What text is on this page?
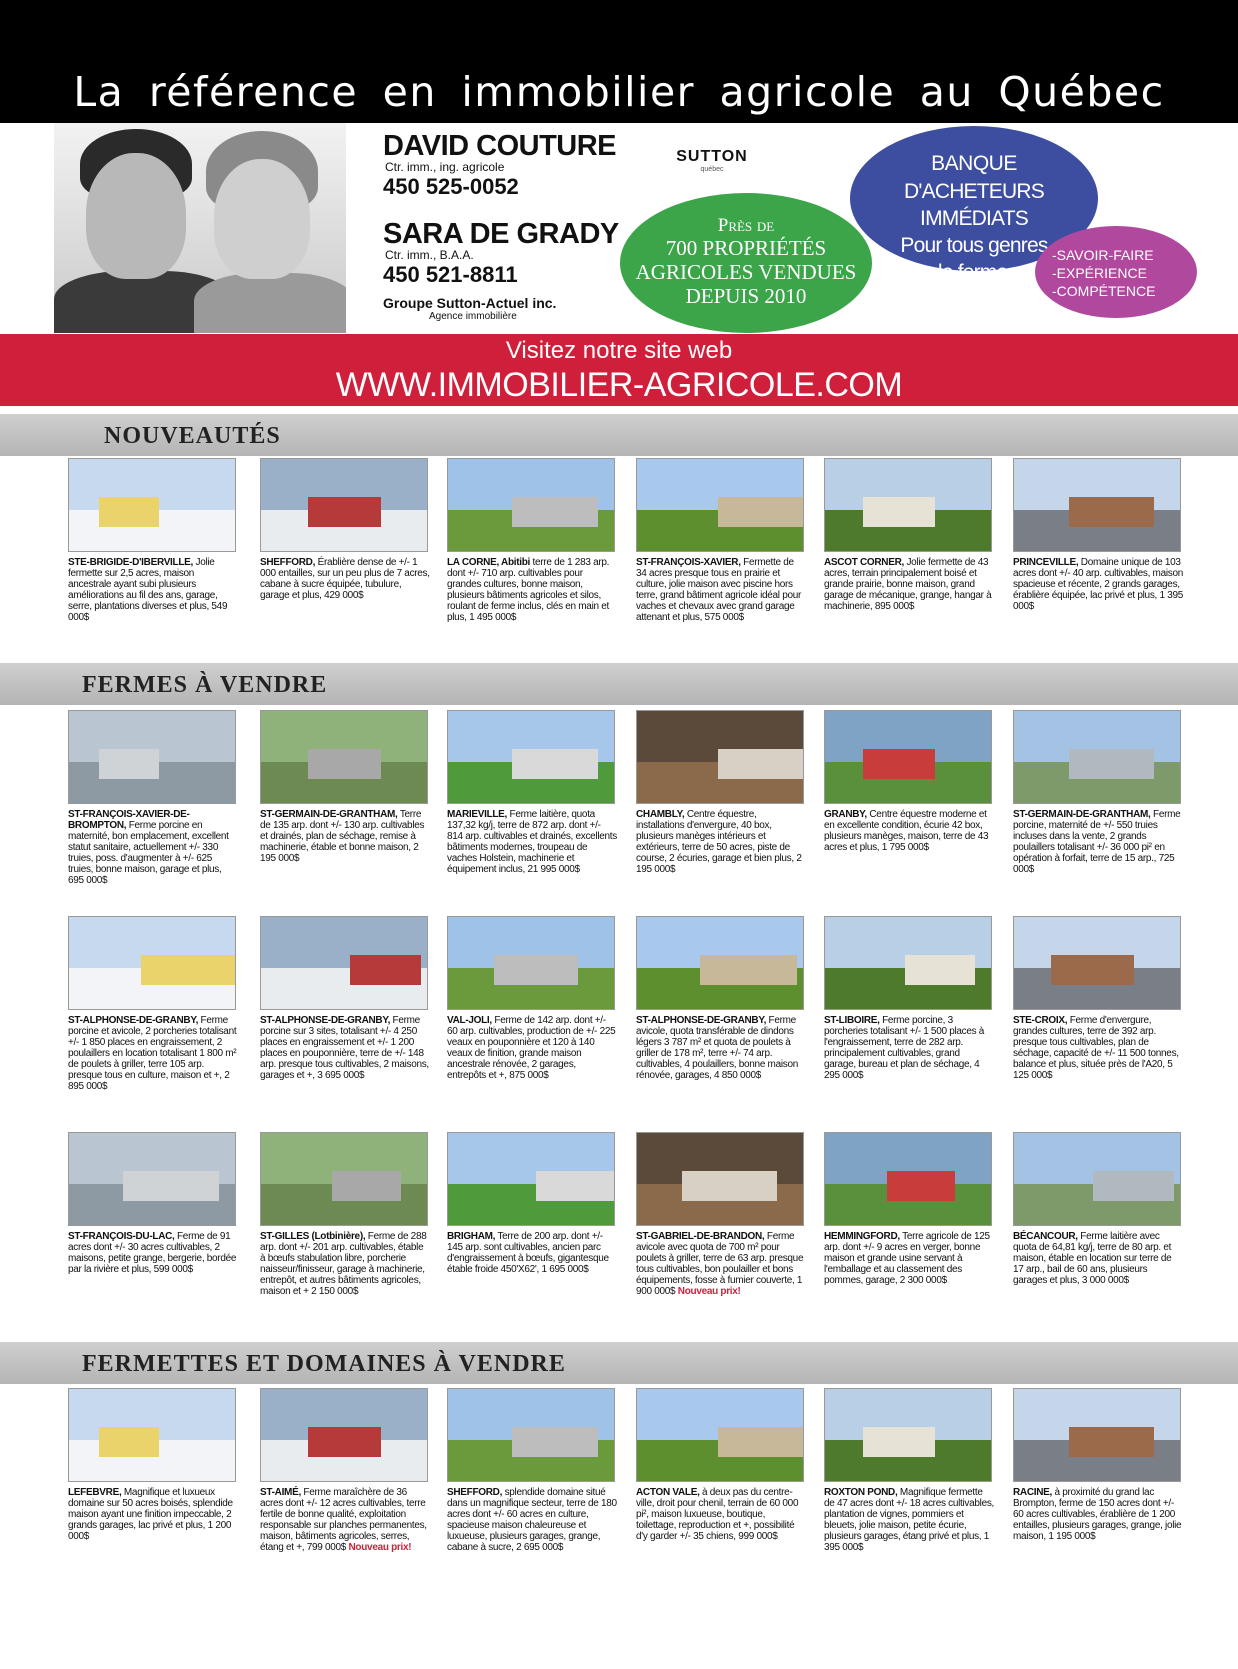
La référence en immobilier agricole au Québec
DAVID COUTURE
Ctr. imm., ing. agricole
450 525-0052
SARA DE GRADY
Ctr. imm., B.A.A.
450 521-8811
Groupe Sutton-Actuel inc.
Agence immobilière
SUTTON
québec
Près de
700 PROPRIÉTÉS
AGRICOLES VENDUES
DEPUIS 2010
BANQUE
D'ACHETEURS IMMÉDIATS
Pour tous genres
de fermes
-SAVOIR-FAIRE
-EXPÉRIENCE
-COMPÉTENCE
Visitez notre site web
WWW.IMMOBILIER-AGRICOLE.COM
NOUVEAUTÉS
FERMES À VENDRE
FERMETTES ET DOMAINES À VENDRE
STE-BRIGIDE-D'IBERVILLE, Jolie fermette sur 2,5 acres, maison ancestrale ayant subi plusieurs améliorations au fil des ans, garage, serre, plantations diverses et plus, 549 000$
SHEFFORD, Érablière dense de +/- 1 000 entailles, sur un peu plus de 7 acres, cabane à sucre équipée, tubulure, garage et plus, 429 000$
LA CORNE, Abitibi terre de 1 283 arp. dont +/- 710 arp. cultivables pour grandes cultures, bonne maison, plusieurs bâtiments agricoles et silos, roulant de ferme inclus, clés en main et plus, 1 495 000$
ST-FRANÇOIS-XAVIER, Fermette de 34 acres presque tous en prairie et culture, jolie maison avec piscine hors terre, grand bâtiment agricole idéal pour vaches et chevaux avec grand garage attenant et plus, 575 000$
ASCOT CORNER, Jolie fermette de 43 acres, terrain principalement boisé et grande prairie, bonne maison, grand garage de mécanique, grange, hangar à machinerie, 895 000$
PRINCEVILLE, Domaine unique de 103 acres dont +/- 40 arp. cultivables, maison spacieuse et récente, 2 grands garages, érablière équipée, lac privé et plus, 1 395 000$
ST-FRANÇOIS-XAVIER-DE-BROMPTON, Ferme porcine en maternité, bon emplacement, excellent statut sanitaire, actuellement +/- 330 truies, poss. d'augmenter à +/- 625 truies, bonne maison, garage et plus, 695 000$
ST-GERMAIN-DE-GRANTHAM, Terre de 135 arp. dont +/- 130 arp. cultivables et drainés, plan de séchage, remise à machinerie, étable et bonne maison, 2 195 000$
MARIEVILLE, Ferme laitière, quota 137,32 kg/j, terre de 872 arp. dont +/- 814 arp. cultivables et drainés, excellents bâtiments modernes, troupeau de vaches Holstein, machinerie et équipement inclus, 21 995 000$
CHAMBLY, Centre équestre, installations d'envergure, 40 box, plusieurs manèges intérieurs et extérieurs, terre de 50 acres, piste de course, 2 écuries, garage et bien plus, 2 195 000$
GRANBY, Centre équestre moderne et en excellente condition, écurie 42 box, plusieurs manèges, maison, terre de 43 acres et plus, 1 795 000$
ST-GERMAIN-DE-GRANTHAM, Ferme porcine, maternité de +/- 550 truies incluses dans la vente, 2 grands poulaillers totalisant +/- 36 000 pi² en opération à forfait, terre de 15 arp., 725 000$
ST-ALPHONSE-DE-GRANBY, Ferme porcine et avicole, 2 porcheries totalisant +/- 1 850 places en engraissement, 2 poulaillers en location totalisant 1 800 m² de poulets à griller, terre 105 arp. presque tous en culture, maison et +, 2 895 000$
ST-ALPHONSE-DE-GRANBY, Ferme porcine sur 3 sites, totalisant +/- 4 250 places en engraissement et +/- 1 200 places en pouponnière, terre de +/- 148 arp. presque tous cultivables, 2 maisons, garages et +, 3 695 000$
VAL-JOLI, Ferme de 142 arp. dont +/- 60 arp. cultivables, production de +/- 225 veaux en pouponnière et 120 à 140 veaux de finition, grande maison ancestrale rénovée, 2 garages, entrepôts et +, 875 000$
ST-ALPHONSE-DE-GRANBY, Ferme avicole, quota transférable de dindons légers 3 787 m² et quota de poulets à griller de 178 m², terre +/- 74 arp. cultivables, 4 poulaillers, bonne maison rénovée, garages, 4 850 000$
ST-LIBOIRE, Ferme porcine, 3 porcheries totalisant +/- 1 500 places à l'engraissement, terre de 282 arp. principalement cultivables, grand garage, bureau et plan de séchage, 4 295 000$
STE-CROIX, Ferme d'envergure, grandes cultures, terre de 392 arp. presque tous cultivables, plan de séchage, capacité de +/- 11 500 tonnes, balance et plus, située près de l'A20, 5 125 000$
ST-FRANÇOIS-DU-LAC, Ferme de 91 acres dont +/- 30 acres cultivables, 2 maisons, petite grange, bergerie, bordée par la rivière et plus, 599 000$
ST-GILLES (Lotbinière), Ferme de 288 arp. dont +/- 201 arp. cultivables, étable à bœufs stabulation libre, porcherie naisseur/finisseur, garage à machinerie, entrepôt, et autres bâtiments agricoles, maison et + 2 150 000$
BRIGHAM, Terre de 200 arp. dont +/- 145 arp. sont cultivables, ancien parc d'engraissement à bœufs, gigantesque étable froide 450'X62', 1 695 000$
ST-GABRIEL-DE-BRANDON, Ferme avicole avec quota de 700 m² pour poulets à griller, terre de 63 arp. presque tous cultivables, bon poulailler et bons équipements, fosse à fumier couverte, 1 900 000$ Nouveau prix!
HEMMINGFORD, Terre agricole de 125 arp. dont +/- 9 acres en verger, bonne maison et grande usine servant à l'emballage et au classement des pommes, garage, 2 300 000$
BÉCANCOUR, Ferme laitière avec quota de 64,81 kg/j, terre de 80 arp. et maison, étable en location sur terre de 17 arp., bail de 60 ans, plusieurs garages et plus, 3 000 000$
LEFEBVRE, Magnifique et luxueux domaine sur 50 acres boisés, splendide maison ayant une finition impeccable, 2 grands garages, lac privé et plus, 1 200 000$
ST-AIMÉ, Ferme maraîchère de 36 acres dont +/- 12 acres cultivables, terre fertile de bonne qualité, exploitation responsable sur planches permanentes, maison, bâtiments agricoles, serres, étang et +, 799 000$ Nouveau prix!
SHEFFORD, splendide domaine situé dans un magnifique secteur, terre de 180 acres dont +/- 60 acres en culture, spacieuse maison chaleureuse et luxueuse, plusieurs garages, grange, cabane à sucre, 2 695 000$
ACTON VALE, à deux pas du centre-ville, droit pour chenil, terrain de 60 000 pi², maison luxueuse, boutique, toilettage, reproduction et +, possibilité d'y garder +/- 35 chiens, 999 000$
ROXTON POND, Magnifique fermette de 47 acres dont +/- 18 acres cultivables, plantation de vignes, pommiers et bleuets, jolie maison, petite écurie, plusieurs garages, étang privé et plus, 1 395 000$
RACINE, à proximité du grand lac Brompton, ferme de 150 acres dont +/- 60 acres cultivables, érablière de 1 200 entailles, plusieurs garages, grange, jolie maison, 1 195 000$
